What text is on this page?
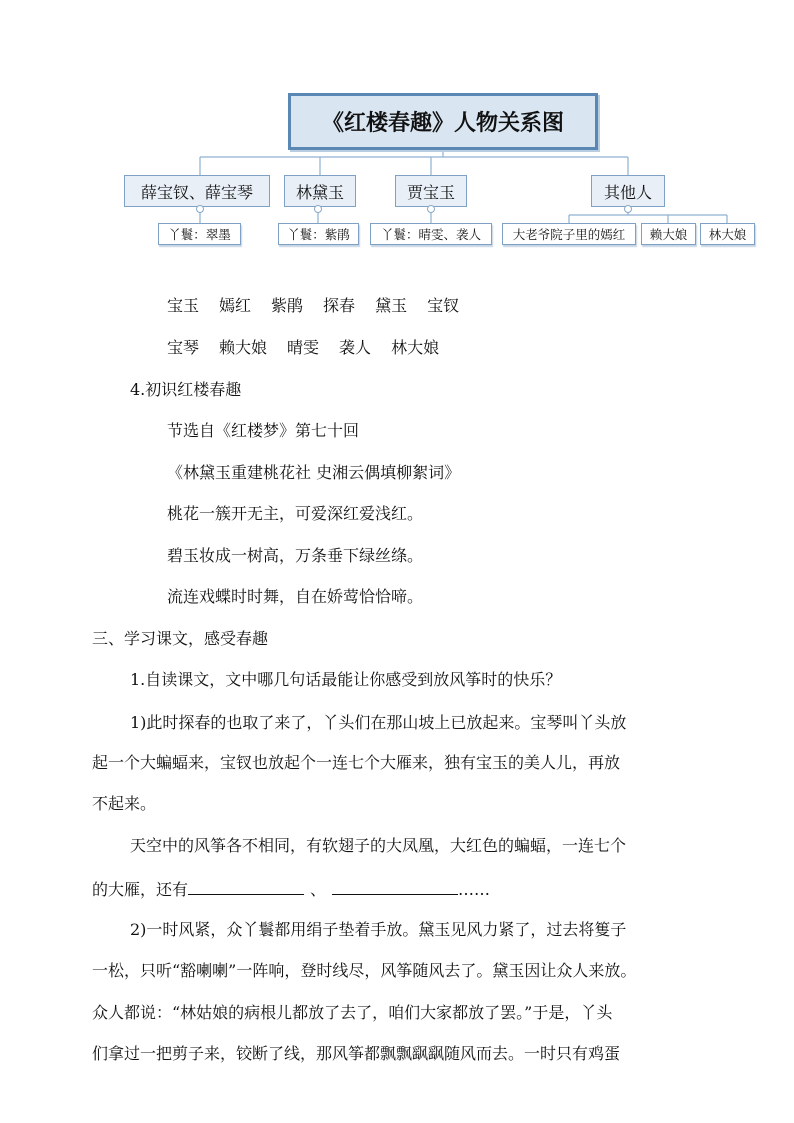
《红楼春趣》人物关系图
薛宝钗、薛宝琴	林黛玉	贾宝玉	其他人
丫鬟：翠墨	丫鬟：紫鹃	丫鬟：晴雯、袭人	大老爷院子里的嫣红	赖大娘	林大娘
宝玉 嫣红 紫鹃 探春 黛玉 宝钗
宝琴 赖大娘 晴雯 袭人 林大娘
4.初识红楼春趣
节选自《红楼梦》第七十回
《林黛玉重建桃花社 史湘云偶填柳絮词》
桃花一簇开无主，可爱深红爱浅红。
碧玉妆成一树高，万条垂下绿丝绦。
流连戏蝶时时舞，自在娇莺恰恰啼。
三、学习课文，感受春趣
1.自读课文，文中哪几句话最能让你感受到放风筝时的快乐？
1)此时探春的也取了来了，丫头们在那山坡上已放起来。宝琴叫丫头放
起一个大蝙蝠来，宝钗也放起个一连七个大雁来，独有宝玉的美人儿，再放
不起来。
天空中的风筝各不相同，有软翅子的大凤凰，大红色的蝙蝠，一连七个
的大雁，还有	、	……
2)一时风紧，众丫鬟都用绢子垫着手放。黛玉见风力紧了，过去将篗子
一松，只听“豁喇喇”一阵响，登时线尽，风筝随风去了。黛玉因让众人来放。
众人都说：“林姑娘的病根儿都放了去了，咱们大家都放了罢。”于是，丫头
们拿过一把剪子来，铰断了线，那风筝都飘飘飖飖随风而去。一时只有鸡蛋
